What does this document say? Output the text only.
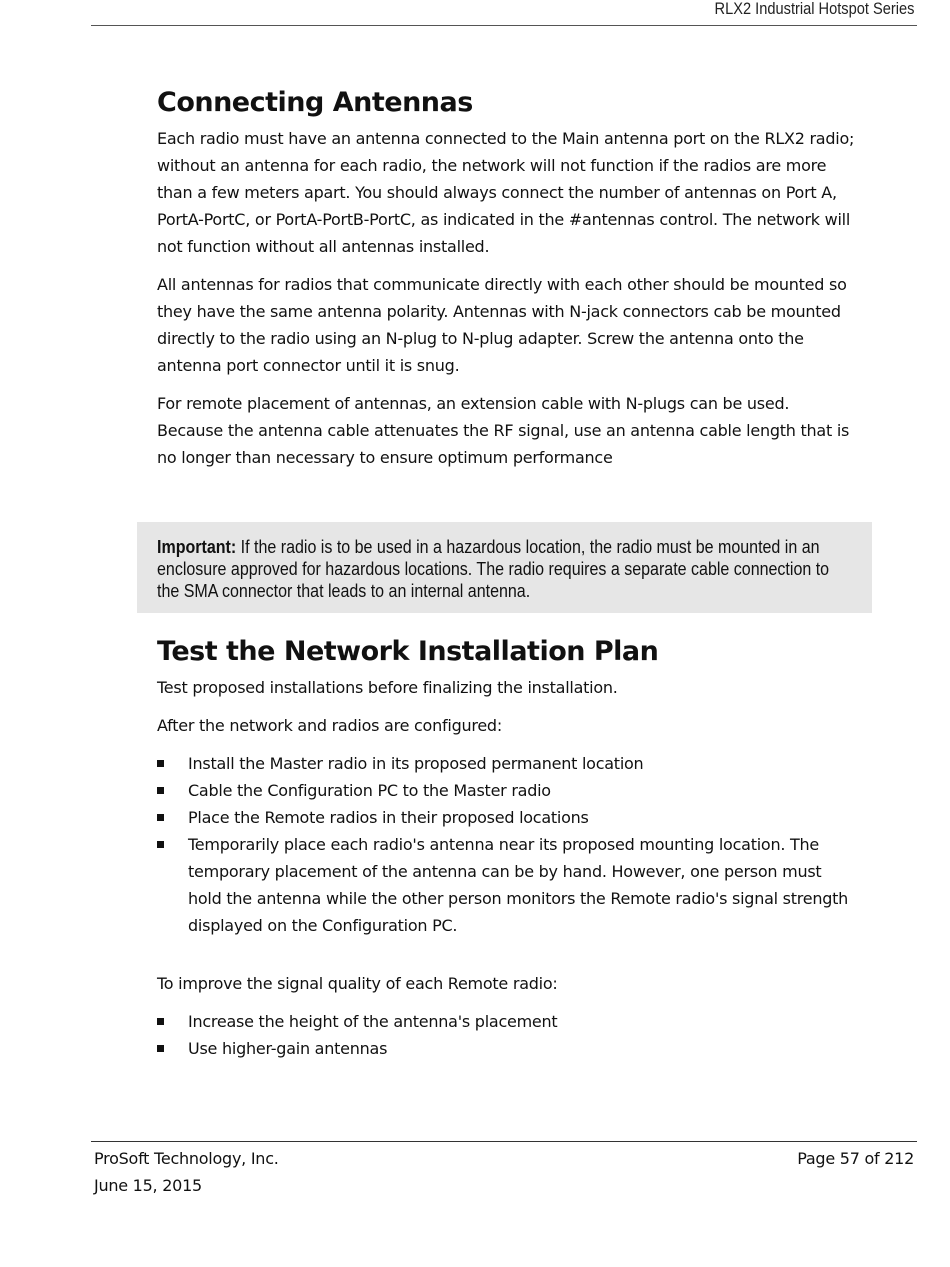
RLX2 Industrial Hotspot Series
Connecting Antennas

Each radio must have an antenna connected to the Main antenna port on the RLX2 radio; without an antenna for each radio, the network will not function if the radios are more than a few meters apart. You should always connect the number of antennas on Port A, PortA-PortC, or PortA-PortB-PortC, as indicated in the #antennas control. The network will not function without all antennas installed.

All antennas for radios that communicate directly with each other should be mounted so they have the same antenna polarity. Antennas with N-jack connectors cab be mounted directly to the radio using an N-plug to N-plug adapter. Screw the antenna onto the antenna port connector until it is snug.

For remote placement of antennas, an extension cable with N-plugs can be used. Because the antenna cable attenuates the RF signal, use an antenna cable length that is no longer than necessary to ensure optimum performance

Important: If the radio is to be used in a hazardous location, the radio must be mounted in an enclosure approved for hazardous locations. The radio requires a separate cable connection to the SMA connector that leads to an internal antenna.
Test the Network Installation Plan

Test proposed installations before finalizing the installation.

After the network and radios are configured:

Install the Master radio in its proposed permanent location
Cable the Configuration PC to the Master radio
Place the Remote radios in their proposed locations
Temporarily place each radio's antenna near its proposed mounting location. The temporary placement of the antenna can be by hand. However, one person must hold the antenna while the other person monitors the Remote radio's signal strength displayed on the Configuration PC.

To improve the signal quality of each Remote radio:

Increase the height of the antenna's placement
Use higher-gain antennas
ProSoft Technology, Inc.
June 15, 2015
Page 57 of 212
